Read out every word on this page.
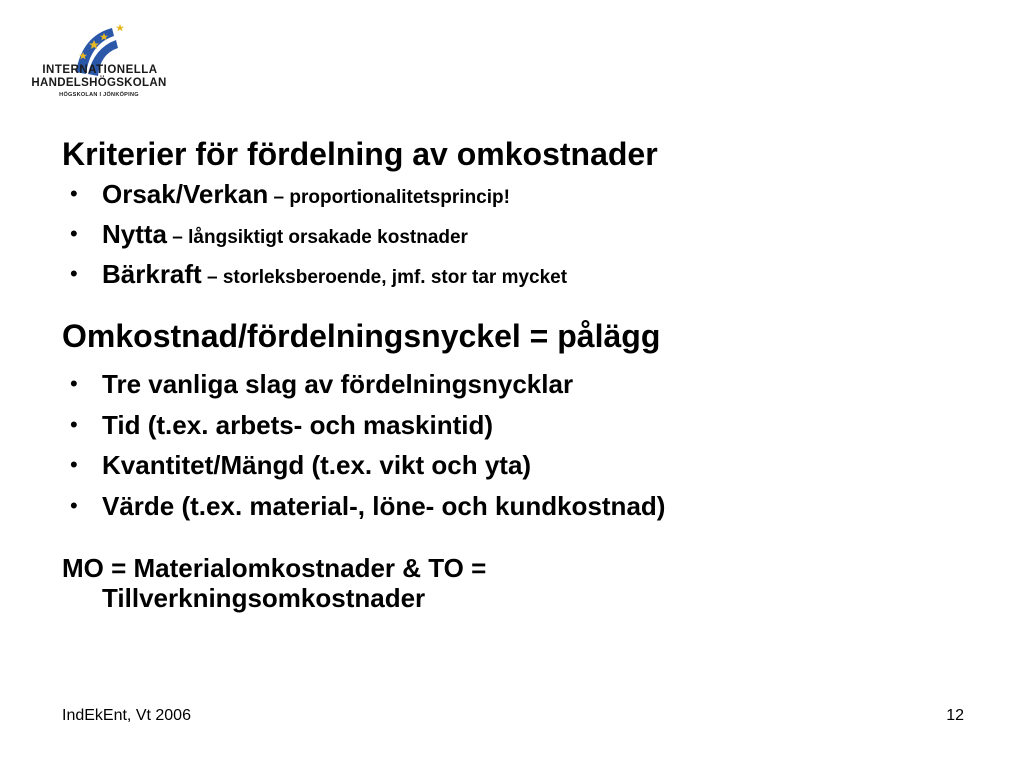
INTERNATIONELLA
HANDELSHÖGSKOLAN
HÖGSKOLAN I JÖNKÖPING
Kriterier för fördelning av omkostnader
• Orsak/Verkan – proportionalitetsprincip!
• Nytta – långsiktigt orsakade kostnader
• Bärkraft – storleksberoende, jmf. stor tar mycket
Omkostnad/fördelningsnyckel = pålägg
• Tre vanliga slag av fördelningsnycklar
• Tid (t.ex. arbets- och maskintid)
• Kvantitet/Mängd (t.ex. vikt och yta)
• Värde (t.ex. material-, löne- och kundkostnad)
MO = Materialomkostnader & TO = Tillverkningsomkostnader
IndEkEnt, Vt 2006	12
